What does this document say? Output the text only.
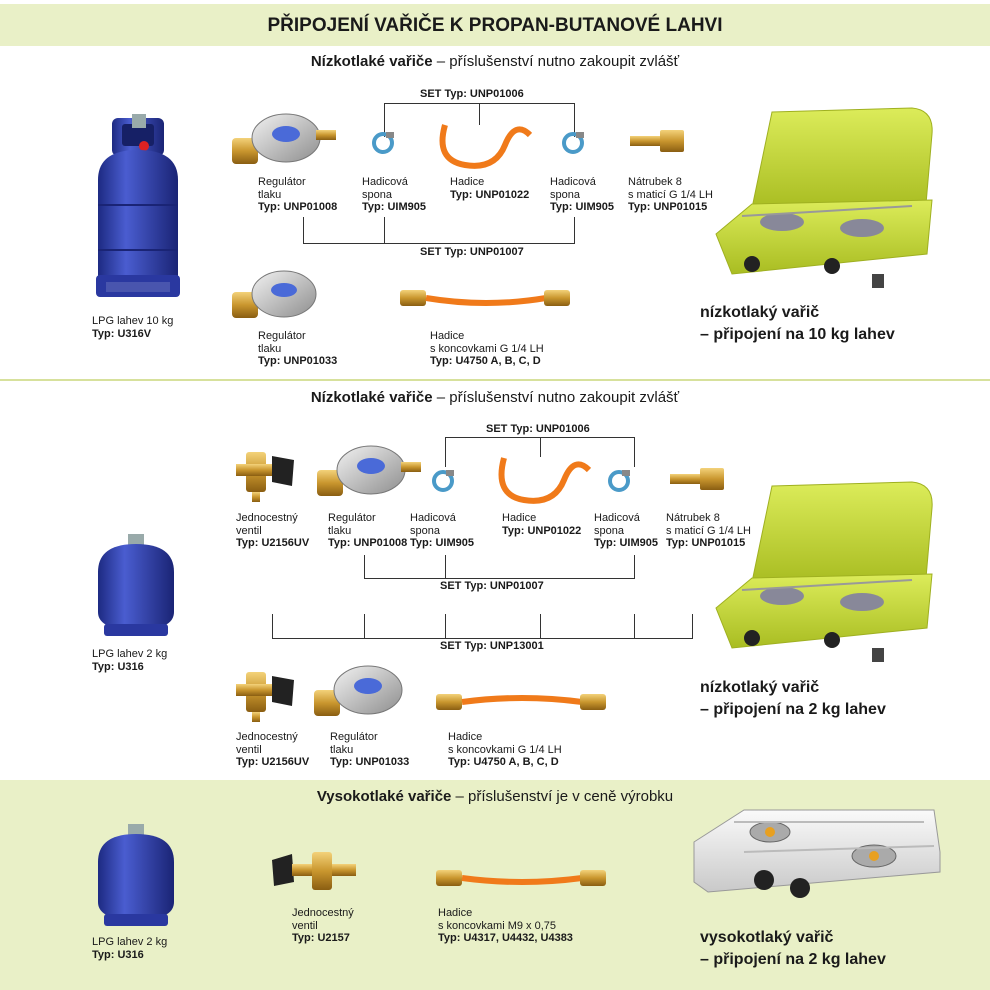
PŘIPOJENÍ VAŘIČE K PROPAN-BUTANOVÉ LAHVI
Nízkotlaké vařiče – příslušenství nutno zakoupit zvlášť
LPG lahev 10 kg
Typ: U316V
SET Typ: UNP01006
SET Typ: UNP01007
Regulátor
tlaku
Typ: UNP01008
Hadicová
spona
Typ: UIM905
Hadice
Typ: UNP01022
Hadicová
spona
Typ: UIM905
Nátrubek 8
s maticí G 1/4 LH
Typ: UNP01015
Regulátor
tlaku
Typ: UNP01033
Hadice
s koncovkami G 1/4 LH
Typ: U4750 A, B, C, D
nízkotlaký vařič
– připojení na 10 kg lahev
Nízkotlaké vařiče – příslušenství nutno zakoupit zvlášť
LPG lahev 2 kg
Typ: U316
SET Typ: UNP01006
SET Typ: UNP01007
SET Typ: UNP13001
Jednocestný
ventil
Typ: U2156UV
Regulátor
tlaku
Typ: UNP01008
Hadicová
spona
Typ: UIM905
Hadice
Typ: UNP01022
Hadicová
spona
Typ: UIM905
Nátrubek 8
s maticí G 1/4 LH
Typ: UNP01015
Jednocestný
ventil
Typ: U2156UV
Regulátor
tlaku
Typ: UNP01033
Hadice
s koncovkami G 1/4 LH
Typ: U4750 A, B, C, D
nízkotlaký vařič
– připojení na 2 kg lahev
Vysokotlaké vařiče – příslušenství je v ceně výrobku
LPG lahev 2 kg
Typ: U316
Jednocestný
ventil
Typ: U2157
Hadice
s koncovkami M9 x 0,75
Typ: U4317, U4432, U4383	vysokotlaký vařič
– připojení na 2 kg lahev
